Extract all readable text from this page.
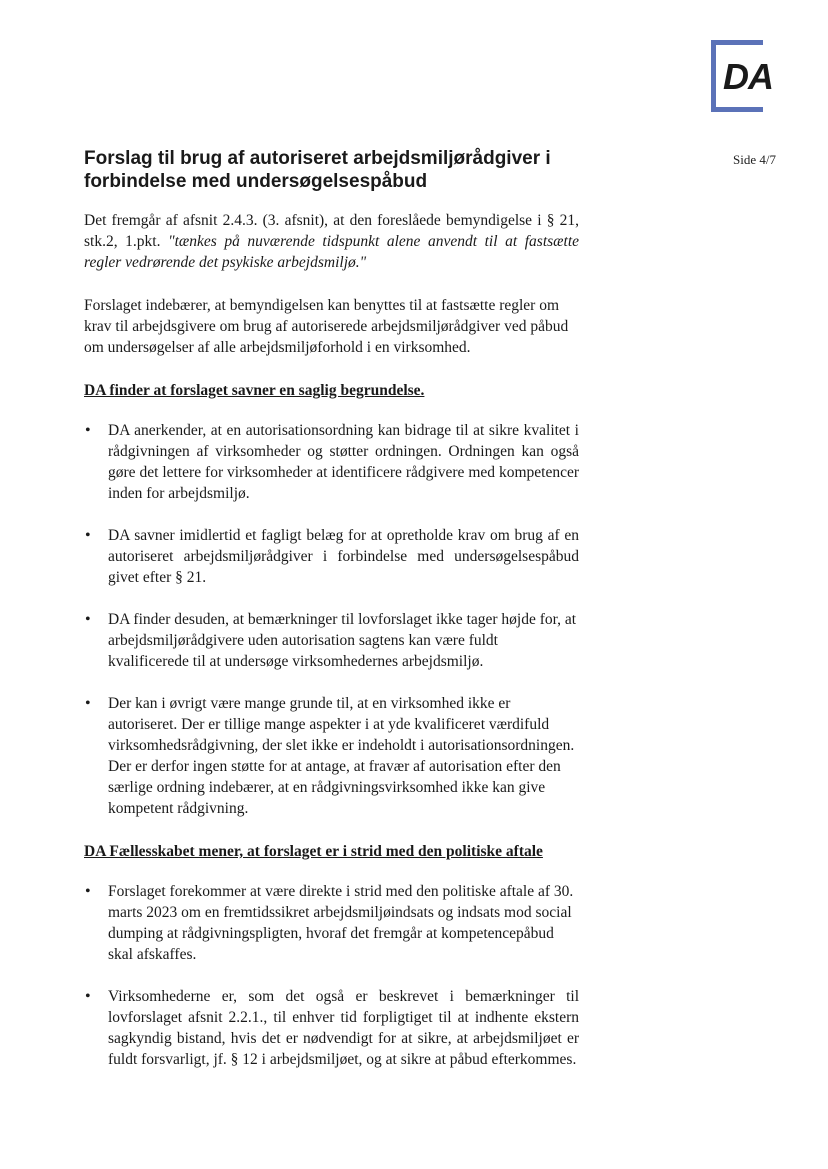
DA
Side 4/7
Forslag til brug af autoriseret arbejdsmiljørådgiver i forbindelse med undersøgelsespåbud

Det fremgår af afsnit 2.4.3. (3. afsnit), at den foreslåede bemyndigelse i § 21, stk.2, 1.pkt. "tænkes på nuværende tidspunkt alene anvendt til at fastsætte regler vedrørende det psykiske arbejdsmiljø."

Forslaget indebærer, at bemyndigelsen kan benyttes til at fastsætte regler om krav til arbejdsgivere om brug af autoriserede arbejdsmiljørådgiver ved påbud om undersøgelser af alle arbejdsmiljøforhold i en virksomhed.

DA finder at forslaget savner en saglig begrundelse.

• DA anerkender, at en autorisationsordning kan bidrage til at sikre kvalitet i rådgivningen af virksomheder og støtter ordningen. Ordningen kan også gøre det lettere for virksomheder at identificere rådgivere med kompetencer inden for arbejdsmiljø.
• DA savner imidlertid et fagligt belæg for at opretholde krav om brug af en autoriseret arbejdsmiljørådgiver i forbindelse med undersøgelsespåbud givet efter § 21.
• DA finder desuden, at bemærkninger til lovforslaget ikke tager højde for, at arbejdsmiljørådgivere uden autorisation sagtens kan være fuldt kvalificerede til at undersøge virksomhedernes arbejdsmiljø.
• Der kan i øvrigt være mange grunde til, at en virksomhed ikke er autoriseret. Der er tillige mange aspekter i at yde kvalificeret værdifuld virksomhedsrådgivning, der slet ikke er indeholdt i autorisationsordningen. Der er derfor ingen støtte for at antage, at fravær af autorisation efter den særlige ordning indebærer, at en rådgivningsvirksomhed ikke kan give kompetent rådgivning.

DA Fællesskabet mener, at forslaget er i strid med den politiske aftale

• Forslaget forekommer at være direkte i strid med den politiske aftale af 30. marts 2023 om en fremtidssikret arbejdsmiljøindsats og indsats mod social dumping at rådgivningspligten, hvoraf det fremgår at kompetencepåbud skal afskaffes.
• Virksomhederne er, som det også er beskrevet i bemærkninger til lovforslaget afsnit 2.2.1., til enhver tid forpligtiget til at indhente ekstern sagkyndig bistand, hvis det er nødvendigt for at sikre, at arbejdsmiljøet er fuldt forsvarligt, jf. § 12 i arbejdsmiljøet, og at sikre at påbud efterkommes.
